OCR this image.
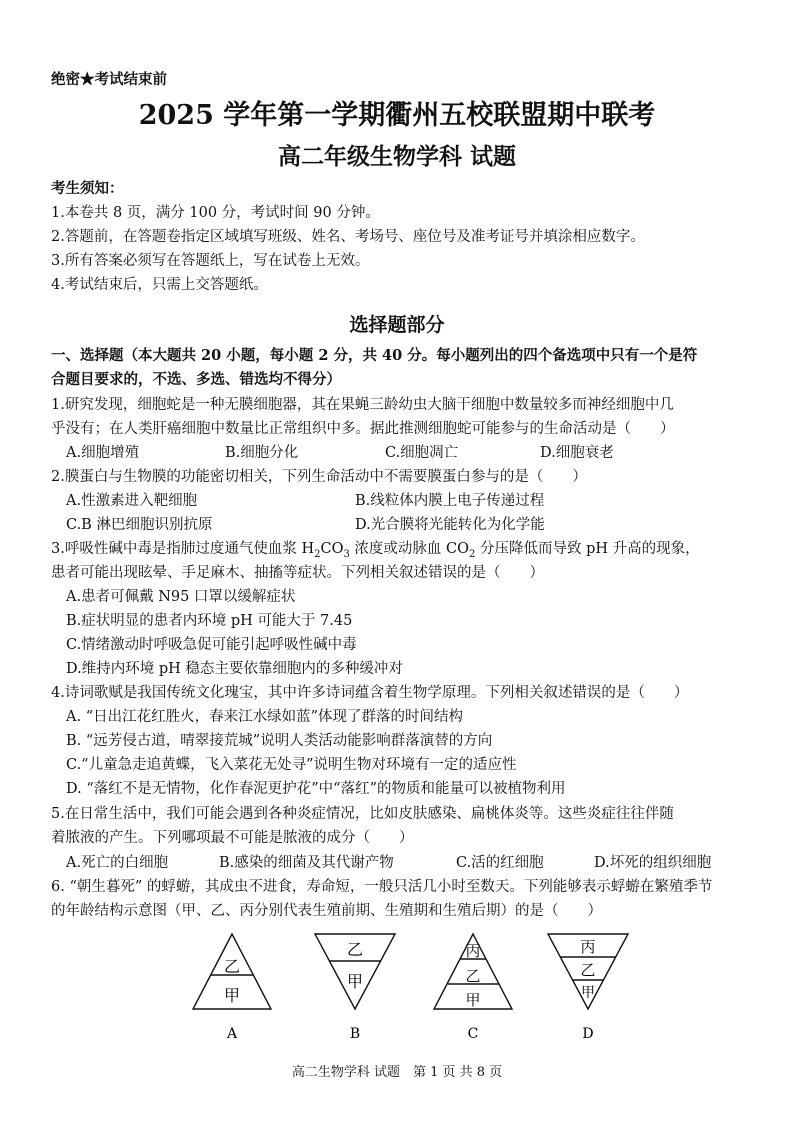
绝密★考试结束前
2025 学年第一学期衢州五校联盟期中联考
高二年级生物学科 试题
考生须知：
1.本卷共 8 页，满分 100 分，考试时间 90 分钟。
2.答题前，在答题卷指定区域填写班级、姓名、考场号、座位号及准考证号并填涂相应数字。
3.所有答案必须写在答题纸上，写在试卷上无效。
4.考试结束后，只需上交答题纸。
选择题部分
一、选择题（本大题共 20 小题，每小题 2 分，共 40 分。每小题列出的四个备选项中只有一个是符
合题目要求的，不选、多选、错选均不得分）
1.研究发现，细胞蛇是一种无膜细胞器，其在果蝇三龄幼虫大脑干细胞中数量较多而神经细胞中几
乎没有；在人类肝癌细胞中数量比正常组织中多。据此推测细胞蛇可能参与的生命活动是（　　）
A.细胞增殖	B.细胞分化	C.细胞凋亡	D.细胞衰老
2.膜蛋白与生物膜的功能密切相关，下列生命活动中不需要膜蛋白参与的是（　　）
A.性激素进入靶细胞	B.线粒体内膜上电子传递过程
C.B 淋巴细胞识别抗原	D.光合膜将光能转化为化学能
3.呼吸性碱中毒是指肺过度通气使血浆 $H_2CO_3$ 浓度或动脉血 $CO_2$ 分压降低而导致 pH 升高的现象，
患者可能出现眩晕、手足麻木、抽搐等症状。下列相关叙述错误的是（　　）
A.患者可佩戴 N95 口罩以缓解症状
B.症状明显的患者内环境 pH 可能大于 7.45
C.情绪激动时呼吸急促可能引起呼吸性碱中毒
D.维持内环境 pH 稳态主要依靠细胞内的多种缓冲对
4.诗词歌赋是我国传统文化瑰宝，其中许多诗词蕴含着生物学原理。下列相关叙述错误的是（　　）
A. “日出江花红胜火，春来江水绿如蓝”体现了群落的时间结构
B. “远芳侵古道，晴翠接荒城”说明人类活动能影响群落演替的方向
C.“儿童急走追黄蝶，飞入菜花无处寻”说明生物对环境有一定的适应性
D. “落红不是无情物，化作春泥更护花”中“落红”的物质和能量可以被植物利用
5.在日常生活中，我们可能会遇到各种炎症情况，比如皮肤感染、扁桃体炎等。这些炎症往往伴随
着脓液的产生。下列哪项最不可能是脓液的成分（　　）
A.死亡的白细胞	B.感染的细菌及其代谢产物	C.活的红细胞	D.坏死的组织细胞
6. “朝生暮死” 的蜉蝣，其成虫不进食，寿命短，一般只活几小时至数天。下列能够表示蜉蝣在繁殖季节
的年龄结构示意图（甲、乙、丙分别代表生殖前期、生殖期和生殖后期）的是（　　）
乙
甲
乙
甲
丙
乙
甲
丙
乙
甲
A	B	C	D
高二生物学科 试题　第 1 页 共 8 页
